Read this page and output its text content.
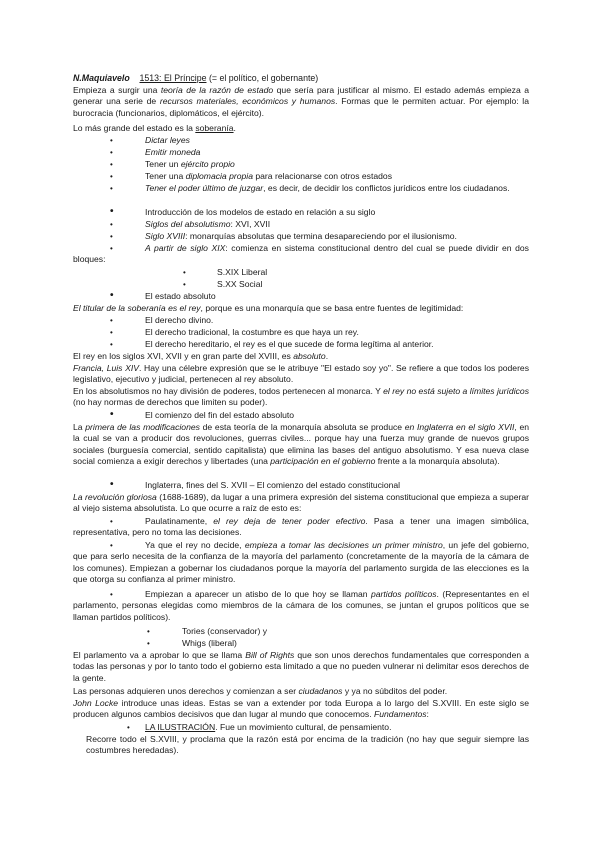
N.Maquiavelo 1513: El Príncipe (= el político, el gobernante)

Empieza a surgir una teoría de la razón de estado que sería para justificar al mismo. El estado además empieza a generar una serie de recursos materiales, económicos y humanos. Formas que le permiten actuar. Por ejemplo: la burocracia (funcionarios, diplomáticos, el ejército).

Lo más grande del estado es la soberanía.

•	Dictar leyes

•	Emitir moneda

•	Tener un ejército propio

•	Tener una diplomacia propia para relacionarse con otros estados

•	Tener el poder último de juzgar, es decir, de decidir los conflictos jurídicos entre los ciudadanos.

•	Introducción de los modelos de estado en relación a su siglo

•	Siglos del absolutismo: XVI, XVII

•	Siglo XVIII: monarquías absolutas que termina desapareciendo por el ilusionismo.

•	A partir de siglo XIX: comienza en sistema constitucional dentro del cual se puede dividir en dos bloques:

•	S.XIX Liberal

•	S.XX Social

•	El estado absoluto

El titular de la soberanía es el rey, porque es una monarquía que se basa entre fuentes de legitimidad:

•	El derecho divino.

•	El derecho tradicional, la costumbre es que haya un rey.

•	El derecho hereditario, el rey es el que sucede de forma legítima al anterior.

El rey en los siglos XVI, XVII y en gran parte del XVIII, es absoluto.

Francia, Luis XIV. Hay una célebre expresión que se le atribuye "El estado soy yo". Se refiere a que todos los poderes legislativo, ejecutivo y judicial, pertenecen al rey absoluto.

En los absolutismos no hay división de poderes, todos pertenecen al monarca. Y el rey no está sujeto a límites jurídicos (no hay normas de derechos que limiten su poder).

•	El comienzo del fin del estado absoluto

La primera de las modificaciones de esta teoría de la monarquía absoluta se produce en Inglaterra en el siglo XVII, en la cual se van a producir dos revoluciones, guerras civiles... porque hay una fuerza muy grande de nuevos grupos sociales (burguesía comercial, sentido capitalista) que elimina las bases del antiguo absolutismo. Y esa nueva clase social comienza a exigir derechos y libertades (una participación en el gobierno frente a la monarquía absoluta).

•	Inglaterra, fines del S. XVII – El comienzo del estado constitucional

La revolución gloriosa (1688-1689), da lugar a una primera expresión del sistema constitucional que empieza a superar al viejo sistema absolutista. Lo que ocurre a raíz de esto es:

•	Paulatinamente, el rey deja de tener poder efectivo. Pasa a tener una imagen simbólica, representativa, pero no toma las decisiones.

•	Ya que el rey no decide, empieza a tomar las decisiones un primer ministro, un jefe del gobierno, que para serlo necesita de la confianza de la mayoría del parlamento (concretamente de la mayoría de la cámara de los comunes). Empiezan a gobernar los ciudadanos porque la mayoría del parlamento surgida de las elecciones es la que otorga su confianza al primer ministro.

•	Empiezan a aparecer un atisbo de lo que hoy se llaman partidos políticos. (Representantes en el parlamento, personas elegidas como miembros de la cámara de los comunes, se juntan el grupos políticos que se llaman partidos políticos).

•	Tories (conservador) y

•	Whigs (liberal)

El parlamento va a aprobar lo que se llama Bill of Rights que son unos derechos fundamentales que corresponden a todas las personas y por lo tanto todo el gobierno esta limitado a que no pueden vulnerar ni delimitar esos derechos de la gente.

Las personas adquieren unos derechos y comienzan a ser ciudadanos y ya no súbditos del poder.

John Locke introduce unas ideas. Estas se van a extender por toda Europa a lo largo del S.XVIII. En este siglo se producen algunos cambios decisivos que dan lugar al mundo que conocemos. Fundamentos:

• LA ILUSTRACIÓN. Fue un movimiento cultural, de pensamiento.

Recorre todo el S.XVIII, y proclama que la razón está por encima de la tradición (no hay que seguir siempre las costumbres heredadas).
